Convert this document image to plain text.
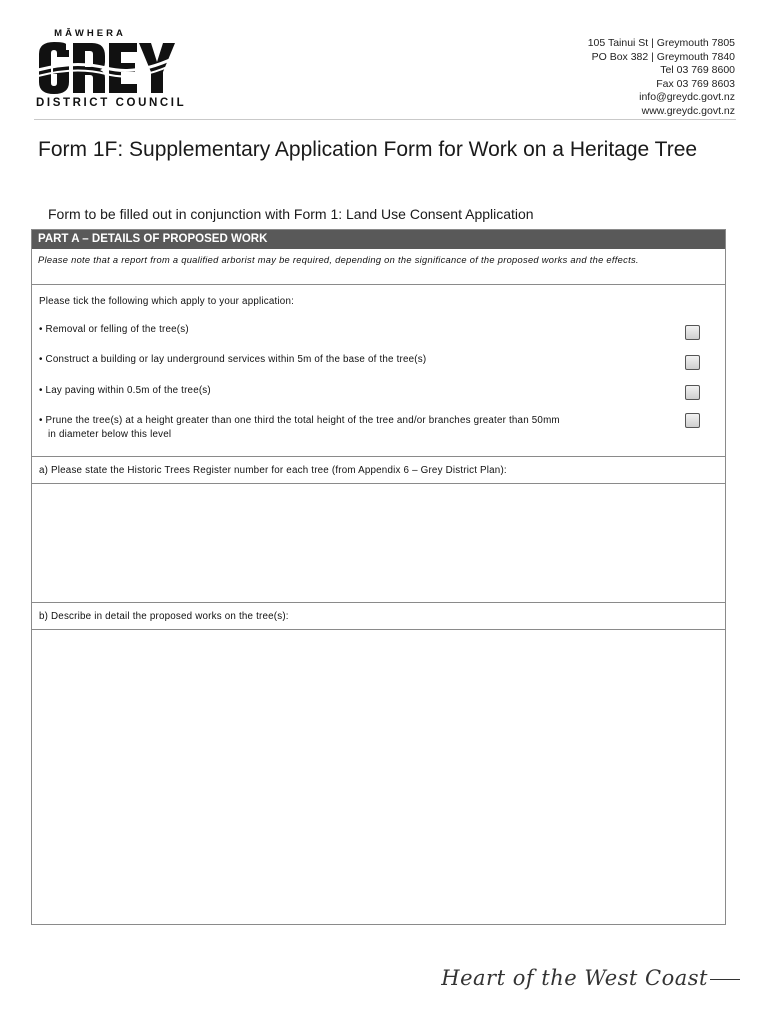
MĀWHERA
DISTRICT COUNCIL
105 Tainui St | Greymouth 7805
PO Box 382 | Greymouth 7840
Tel 03 769 8600
Fax 03 769 8603
info@greydc.govt.nz
www.greydc.govt.nz
Form 1F: Supplementary Application Form for Work on a Heritage Tree
Form to be filled out in conjunction with Form 1: Land Use Consent Application
PART A – DETAILS OF PROPOSED WORK
Please note that a report from a qualified arborist may be required, depending on the significance of the proposed works and the effects.
Please tick the following which apply to your application:
• Removal or felling of the tree(s)
• Construct a building or lay underground services within 5m of the base of the tree(s)
• Lay paving within 0.5m of the tree(s)
• Prune the tree(s) at a height greater than one third the total height of the tree and/or branches greater than 50mm
in diameter below this level
a) Please state the Historic Trees Register number for each tree (from Appendix 6 – Grey District Plan):
b) Describe in detail the proposed works on the tree(s):
Heart of the West Coast
